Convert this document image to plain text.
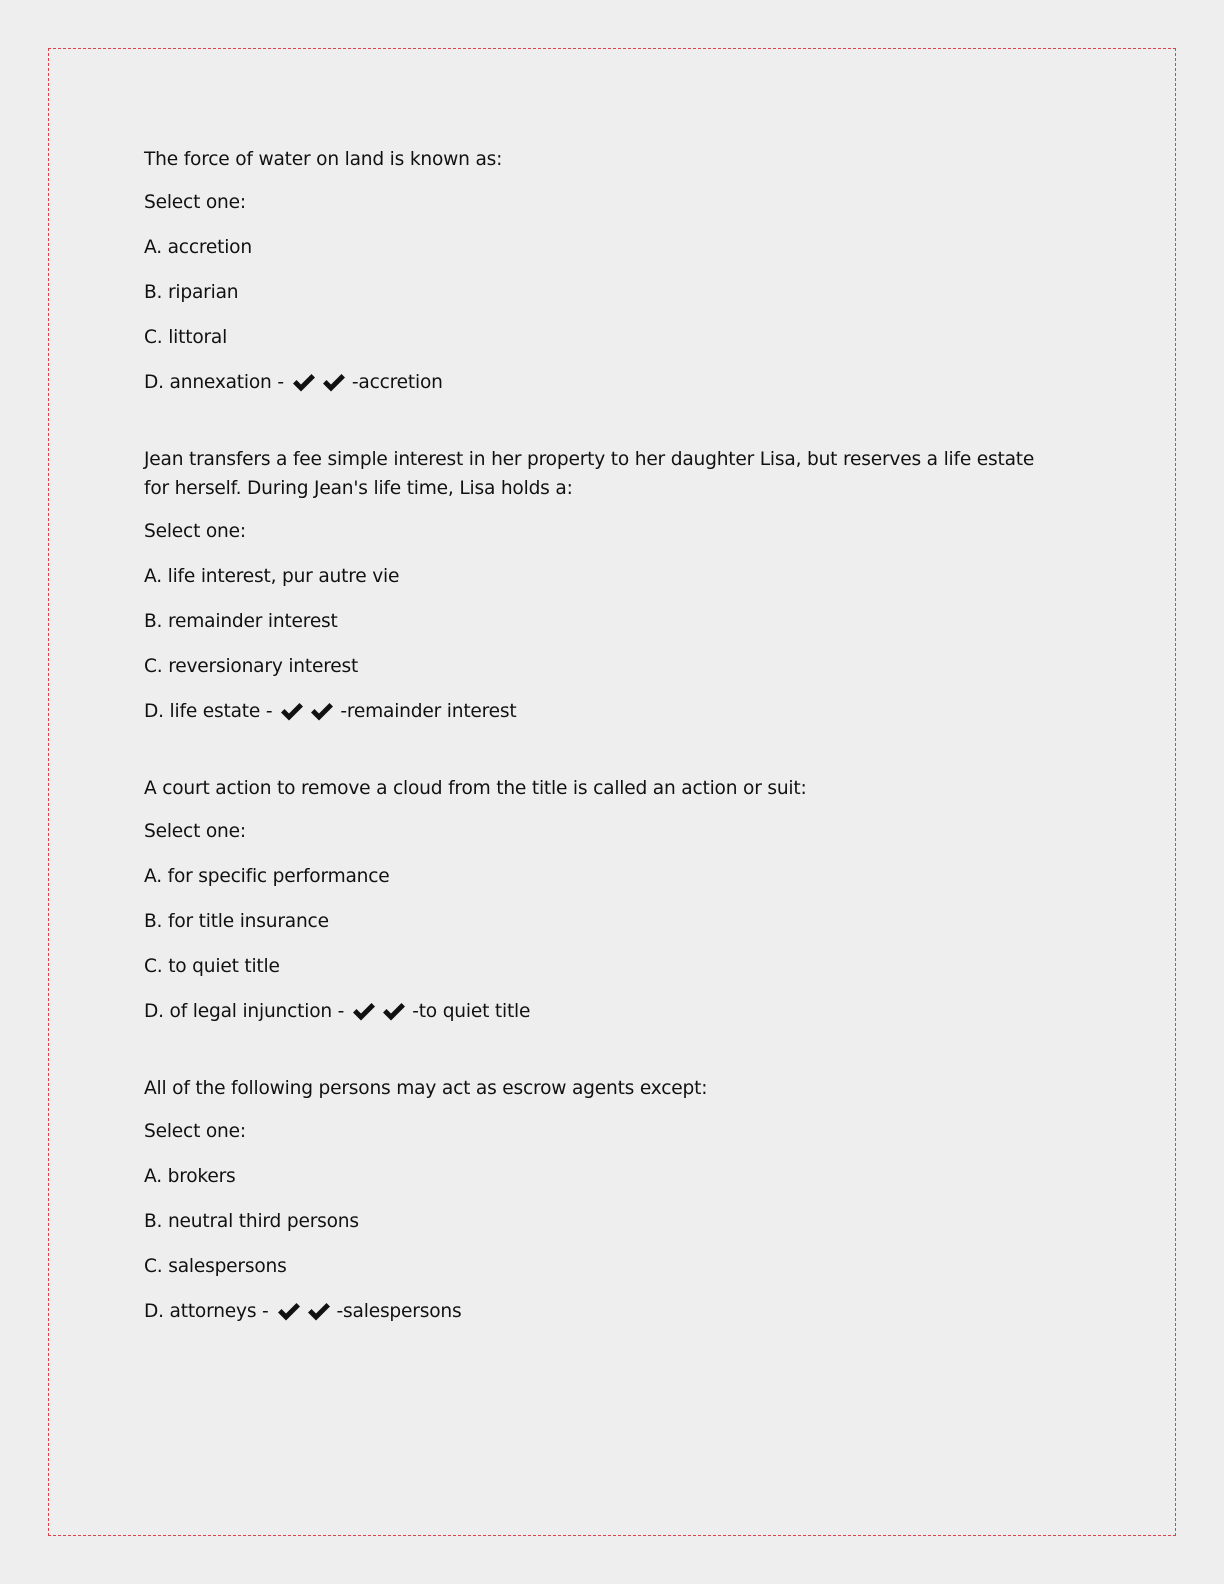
The force of water on land is known as:

Select one:

A. accretion

B. riparian

C. littoral

D. annexation -	-accretion

Jean transfers a fee simple interest in her property to her daughter Lisa, but reserves a life estate for herself. During Jean's life time, Lisa holds a:

Select one:

A. life interest, pur autre vie

B. remainder interest

C. reversionary interest

D. life estate -	-remainder interest

A court action to remove a cloud from the title is called an action or suit:

Select one:

A. for specific performance

B. for title insurance

C. to quiet title

D. of legal injunction -	-to quiet title

All of the following persons may act as escrow agents except:

Select one:

A. brokers

B. neutral third persons

C. salespersons

D. attorneys -	-salespersons
